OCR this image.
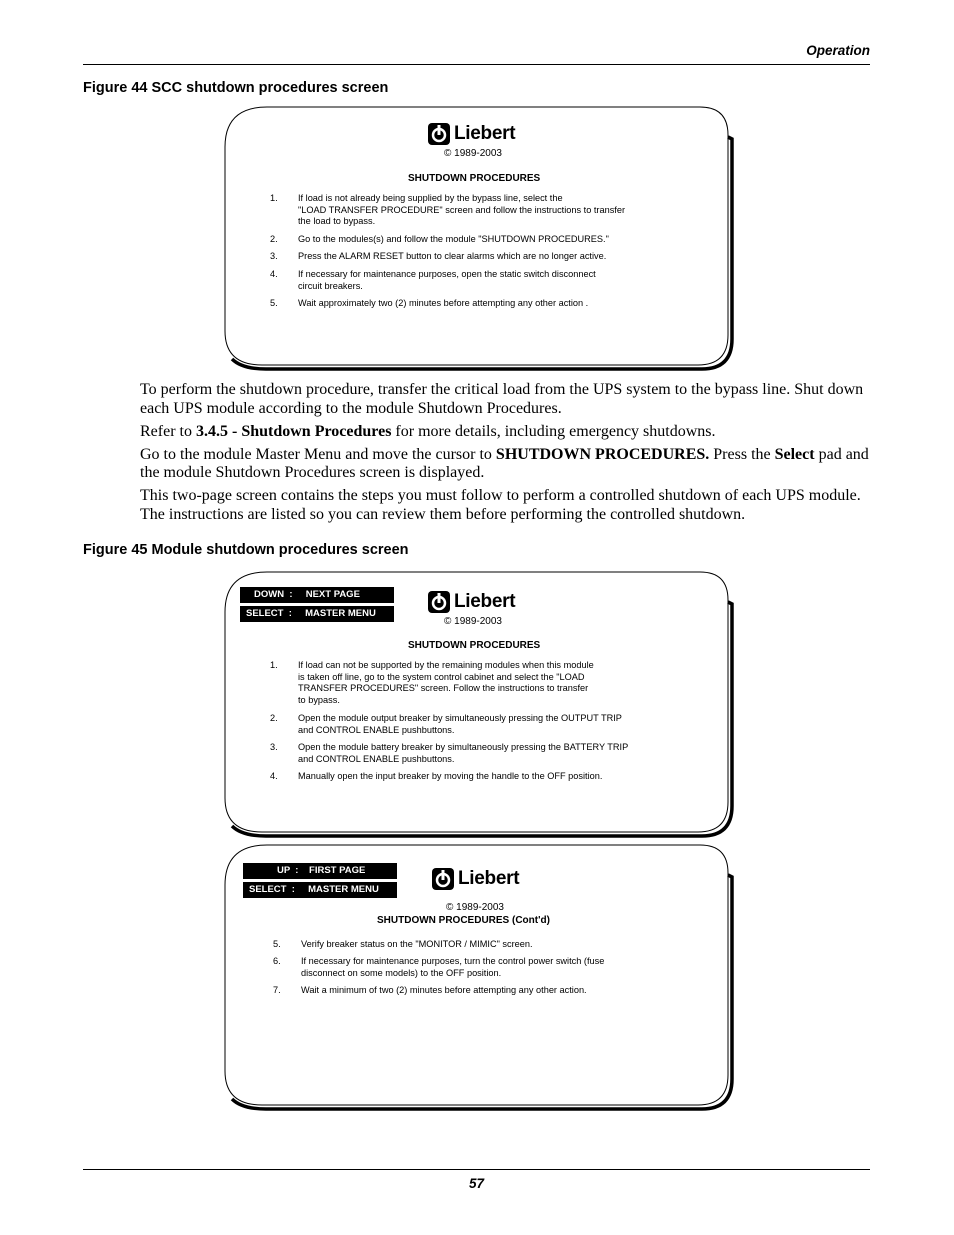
Operation
Figure 44 SCC shutdown procedures screen
Liebert
© 1989-2003
SHUTDOWN PROCEDURES
1.	If load is not already being supplied by the bypass line, select the
"LOAD TRANSFER PROCEDURE" screen and follow the instructions to transfer
the load to bypass.
2.	Go to the modules(s) and follow the module "SHUTDOWN PROCEDURES."
3.	Press the ALARM RESET button to clear alarms which are no longer active.
4.	If necessary for maintenance purposes, open the static switch disconnect
circuit breakers.
5.	Wait approximately two (2) minutes before attempting any other action .

To perform the shutdown procedure, transfer the critical load from the UPS system to the bypass line. Shut down each UPS module according to the module Shutdown Procedures.

Refer to 3.4.5 - Shutdown Procedures for more details, including emergency shutdowns.

Go to the module Master Menu and move the cursor to SHUTDOWN PROCEDURES. Press the Select pad and the module Shutdown Procedures screen is displayed.

This two-page screen contains the steps you must follow to perform a controlled shutdown of each UPS module. The instructions are listed so you can review them before performing the controlled shutdown.

Figure 45 Module shutdown procedures screen
DOWN  :     NEXT PAGE
SELECT  :     MASTER MENU
Liebert
© 1989-2003
SHUTDOWN PROCEDURES
1.	If load can not be supported by the remaining modules when this module
is taken off line, go to the system control cabinet and select the "LOAD
TRANSFER PROCEDURES" screen. Follow the instructions to transfer
to bypass.
2.	Open the module output breaker by simultaneously pressing the OUTPUT TRIP
and CONTROL ENABLE pushbuttons.
3.	Open the module battery breaker by simultaneously pressing the BATTERY TRIP
and CONTROL ENABLE pushbuttons.
4.	Manually open the input breaker by moving the handle to the OFF position.
UP  :    FIRST PAGE
SELECT  :     MASTER MENU
Liebert
© 1989-2003
SHUTDOWN PROCEDURES (Cont'd)
5.	Verify breaker status on the "MONITOR / MIMIC" screen.
6.	If necessary for maintenance purposes, turn the control power switch (fuse
disconnect on some models) to the OFF position.
7.	Wait a minimum of two (2) minutes before attempting any other action.
57
